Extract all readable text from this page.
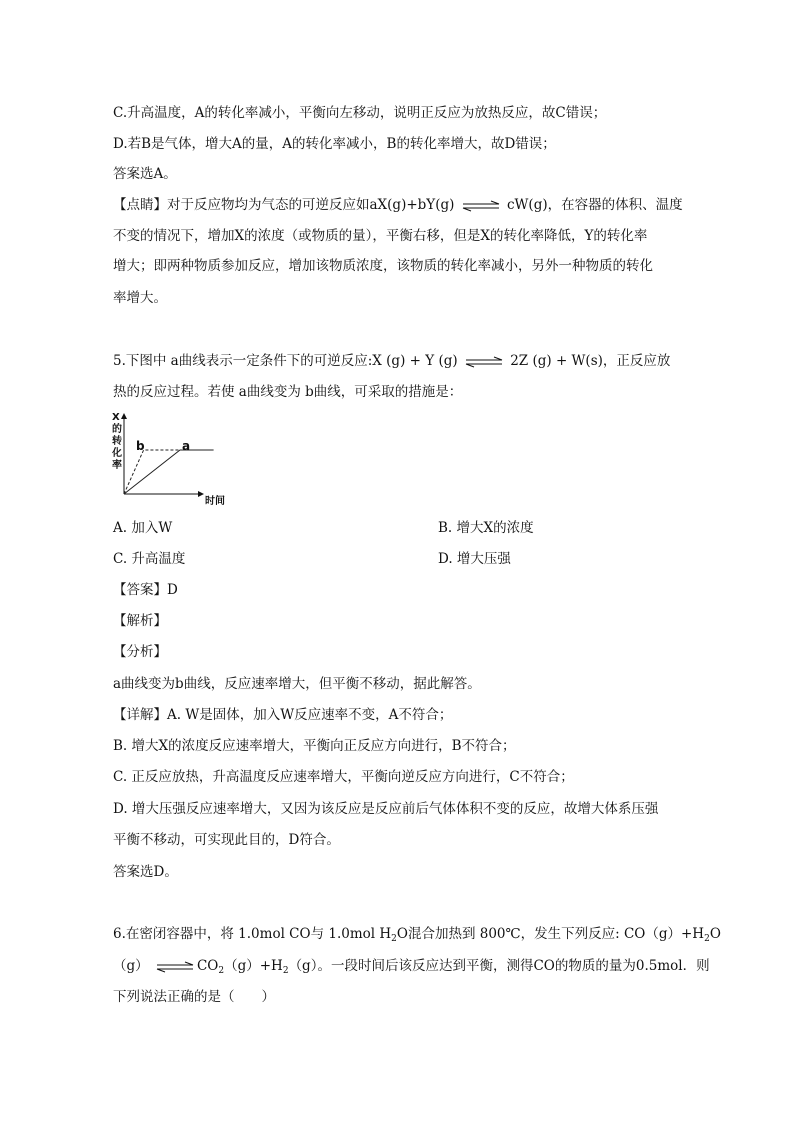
C.升高温度，A的转化率减小，平衡向左移动，说明正反应为放热反应，故C错误；
D.若B是气体，增大A的量，A的转化率减小，B的转化率增大，故D错误；
答案选A。
【点睛】对于反应物均为气态的可逆反应如aX(g)+bY(g) ⇌ cW(g)，在容器的体积、温度
不变的情况下，增加X的浓度（或物质的量），平衡右移，但是X的转化率降低，Y的转化率
增大；即两种物质参加反应，增加该物质浓度，该物质的转化率减小，另外一种物质的转化
率增大。
5.下图中 a曲线表示一定条件下的可逆反应:X (g) + Y (g) ⇌ 2Z (g) + W(s)，正反应放
热的反应过程。若使 a曲线变为 b曲线，可采取的措施是：
X
的
转
化
率
时间
a
b
A. 加入W	B. 增大X的浓度
C. 升高温度	D. 增大压强
【答案】D
【解析】
【分析】
a曲线变为b曲线，反应速率增大，但平衡不移动，据此解答。
【详解】A. W是固体，加入W反应速率不变，A不符合；
B. 增大X的浓度反应速率增大，平衡向正反应方向进行，B不符合；
C. 正反应放热，升高温度反应速率增大，平衡向逆反应方向进行，C不符合；
D. 增大压强反应速率增大，又因为该反应是反应前后气体体积不变的反应，故增大体系压强
平衡不移动，可实现此目的，D符合。
答案选D。
6.在密闭容器中，将 1.0mol CO与 1.0mol $H_2O$混合加热到 800℃，发生下列反应: $CO(g)+H_2O$
（g） ⇌ $CO_2(g)+H_2(g)$。一段时间后该反应达到平衡，测得CO的物质的量为0.5mol．则
下列说法正确的是（　　）
